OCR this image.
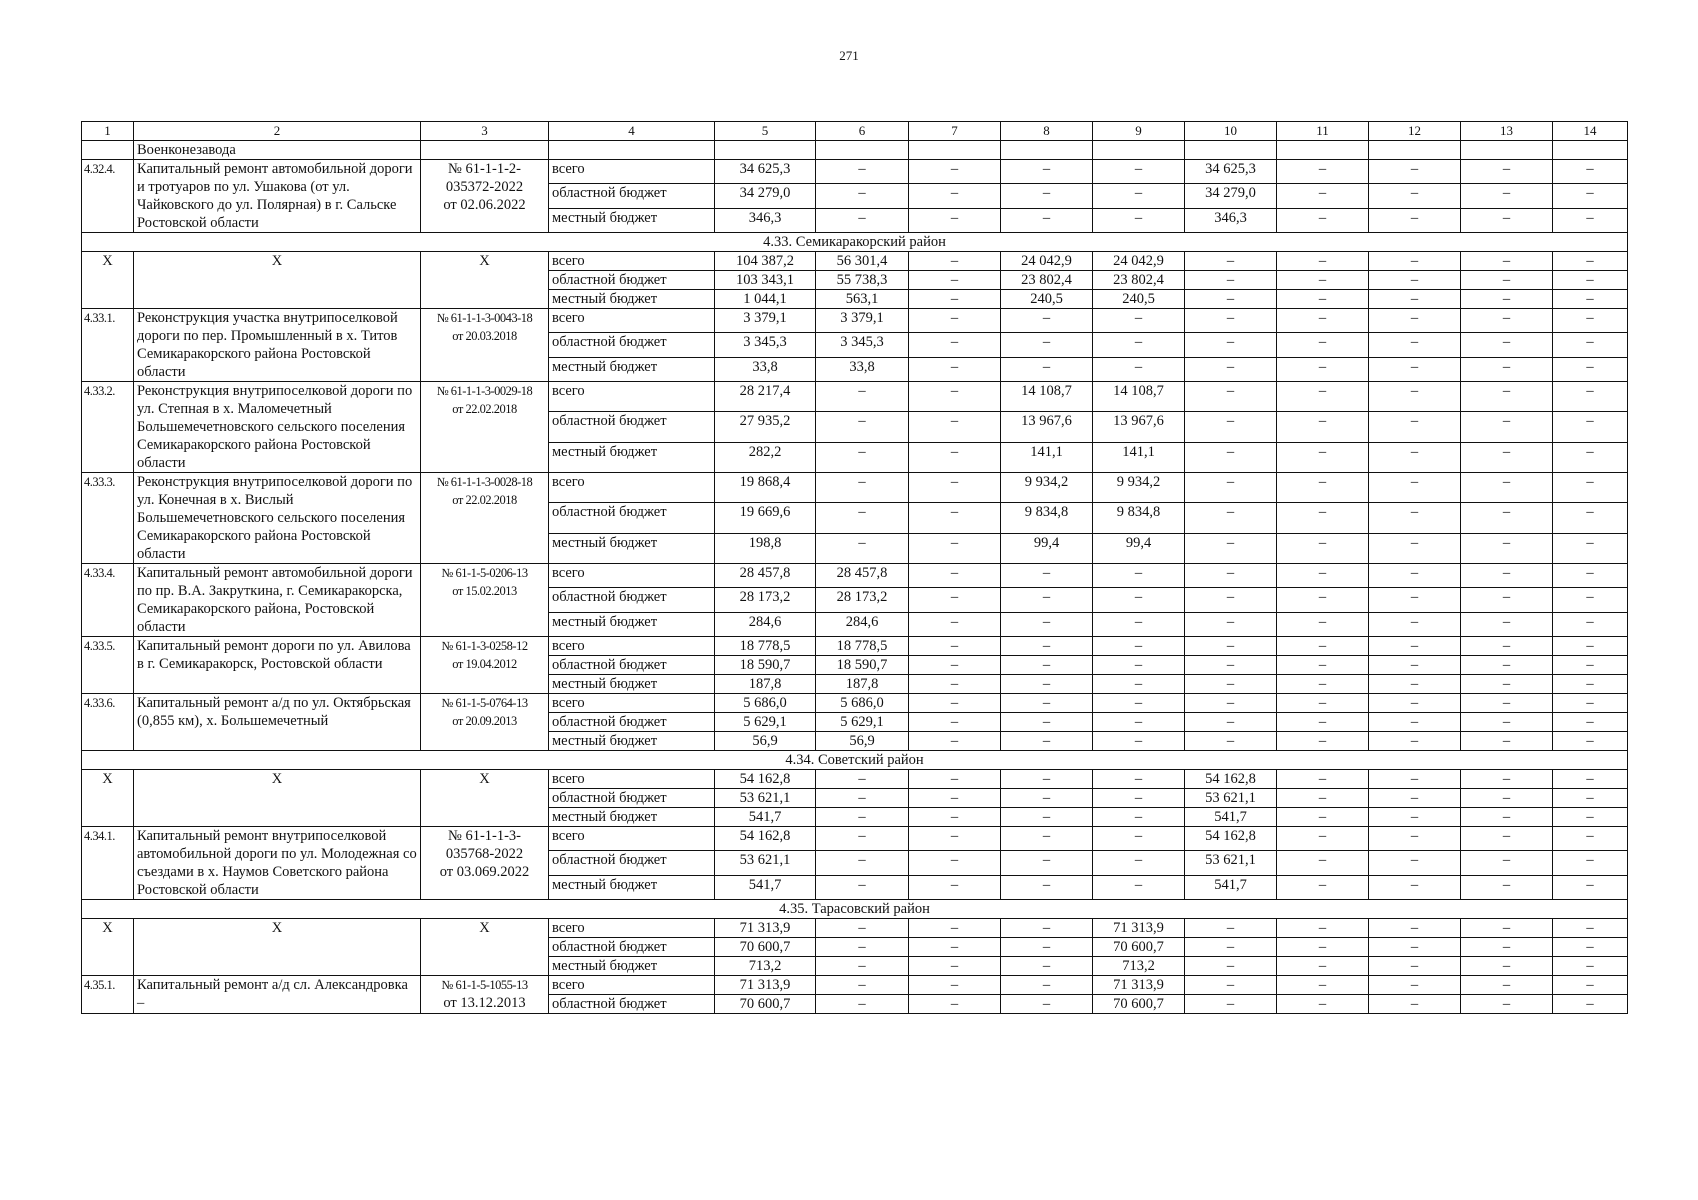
271
1	2	3	4	5	6	7	8	9	10	11	12	13	14
	Военконезавода												
4.32.4.	Капитальный ремонт автомобильной дороги и тротуаров по ул. Ушакова (от ул. Чайковского до ул. Полярная) в г. Сальске Ростовской области	№ 61-1-1-2-
035372-2022
от 02.06.2022	всего	34 625,3	–	–	–	–	34 625,3	–	–	–	–
			областной бюджет	34 279,0	–	–	–	–	34 279,0	–	–	–	–
			местный бюджет	346,3	–	–	–	–	346,3	–	–	–	–
4.33. Семикаракорский район													
Х	Х	Х	всего	104 387,2	56 301,4	–	24 042,9	24 042,9	–	–	–	–	–
			областной бюджет	103 343,1	55 738,3	–	23 802,4	23 802,4	–	–	–	–	–
			местный бюджет	1 044,1	563,1	–	240,5	240,5	–	–	–	–	–
4.33.1.	Реконструкция участка внутрипоселковой дороги по пер. Промышленный в х. Титов Семикаракорского района Ростовской области	№ 61-1-1-3-0043-18
от 20.03.2018	всего	3 379,1	3 379,1	–	–	–	–	–	–	–	–
			областной бюджет	3 345,3	3 345,3	–	–	–	–	–	–	–	–
			местный бюджет	33,8	33,8	–	–	–	–	–	–	–	–
4.33.2.	Реконструкция внутрипоселковой дороги по ул. Степная в х. Маломечетный Большемечетновского сельского поселения Семикаракорского района Ростовской области	№ 61-1-1-3-0029-18
от 22.02.2018	всего	28 217,4	–	–	14 108,7	14 108,7	–	–	–	–	–
			областной бюджет	27 935,2	–	–	13 967,6	13 967,6	–	–	–	–	–
			местный бюджет	282,2	–	–	141,1	141,1	–	–	–	–	–
4.33.3.	Реконструкция внутрипоселковой дороги по ул. Конечная в х. Вислый Большемечетновского сельского поселения Семикаракорского района Ростовской области	№ 61-1-1-3-0028-18
от 22.02.2018	всего	19 868,4	–	–	9 934,2	9 934,2	–	–	–	–	–
			областной бюджет	19 669,6	–	–	9 834,8	9 834,8	–	–	–	–	–
			местный бюджет	198,8	–	–	99,4	99,4	–	–	–	–	–
4.33.4.	Капитальный ремонт автомобильной дороги по пр. В.А. Закруткина, г. Семикаракорска, Семикаракорского района, Ростовской области	№ 61-1-5-0206-13
от 15.02.2013	всего	28 457,8	28 457,8	–	–	–	–	–	–	–	–
			областной бюджет	28 173,2	28 173,2	–	–	–	–	–	–	–	–
			местный бюджет	284,6	284,6	–	–	–	–	–	–	–	–
4.33.5.	Капитальный ремонт дороги по ул. Авилова в г. Семикаракорск, Ростовской области	№ 61-1-3-0258-12
от 19.04.2012	всего	18 778,5	18 778,5	–	–	–	–	–	–	–	–
			областной бюджет	18 590,7	18 590,7	–	–	–	–	–	–	–	–
			местный бюджет	187,8	187,8	–	–	–	–	–	–	–	–
4.33.6.	Капитальный ремонт а/д по ул. Октябрьская (0,855 км), х. Большемечетный	№ 61-1-5-0764-13
от 20.09.2013	всего	5 686,0	5 686,0	–	–	–	–	–	–	–	–
			областной бюджет	5 629,1	5 629,1	–	–	–	–	–	–	–	–
			местный бюджет	56,9	56,9	–	–	–	–	–	–	–	–
4.34. Советский район													
Х	Х	Х	всего	54 162,8	–	–	–	–	54 162,8	–	–	–	–
			областной бюджет	53 621,1	–	–	–	–	53 621,1	–	–	–	–
			местный бюджет	541,7	–	–	–	–	541,7	–	–	–	–
4.34.1.	Капитальный ремонт внутрипоселковой автомобильной дороги по ул. Молодежная со съездами в х. Наумов Советского района Ростовской области	№ 61-1-1-3-
035768-2022
от 03.069.2022	всего	54 162,8	–	–	–	–	54 162,8	–	–	–	–
			областной бюджет	53 621,1	–	–	–	–	53 621,1	–	–	–	–
			местный бюджет	541,7	–	–	–	–	541,7	–	–	–	–
4.35. Тарасовский район													
Х	Х	Х	всего	71 313,9	–	–	–	71 313,9	–	–	–	–	–
			областной бюджет	70 600,7	–	–	–	70 600,7	–	–	–	–	–
			местный бюджет	713,2	–	–	–	713,2	–	–	–	–	–
4.35.1.	Капитальный ремонт а/д сл. Александровка –	№ 61-1-5-1055-13
от 13.12.2013	всего	71 313,9	–	–	–	71 313,9	–	–	–	–	–
			областной бюджет	70 600,7	–	–	–	70 600,7	–	–	–	–	–
